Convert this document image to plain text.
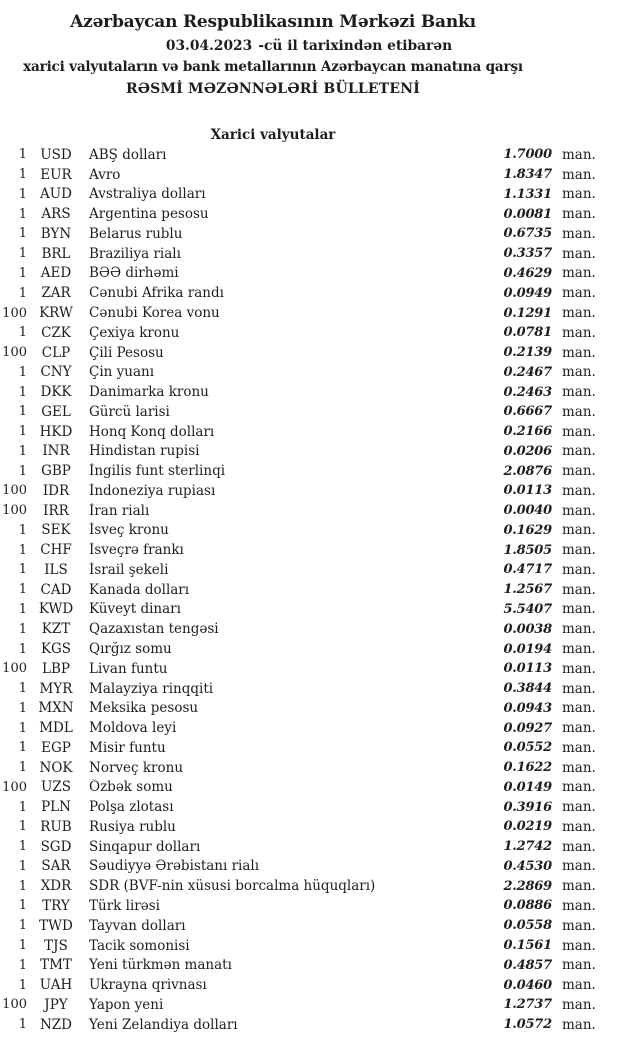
Azərbaycan Respublikasının Mərkəzi Bankı
03.04.2023 -cü il tarixindən etibarən
xarici valyutaların və bank metallarının Azərbaycan manatına qarşı
RƏSMİ MƏZƏNNƏLƏRİ BÜLLETENİ
Xarici valyutalar
1 USD	ABŞ dolları	1.7000 man.
1 EUR	Avro	1.8347 man.
1 AUD	Avstraliya dolları	1.1331 man.
1	ARS	Argentina pesosu	0.0081 man.
1	BYN	Belarus rublu	0.6735 man.
1	BRL	Braziliya rialı	0.3357 man.
1	AED	BƏƏ dirhəmi	0.4629 man.
1	ZAR	Cənubi Afrika randı	0.0949 man.
100 KRW	Cənubi Korea vonu	0.1291 man.
1	CZK	Çexiya kronu	0.0781 man.
100	CLP	Çili Pesosu	0.2139 man.
1 CNY	Çin yuanı	0.2467 man.
1	DKK	Danimarka kronu	0.2463 man.
1	GEL	Gürcü larisi	0.6667 man.
1 HKD	Honq Konq dolları	0.2166 man.
1	INR	Hindistan rupisi	0.0206 man.
1	GBP	İngilis funt sterlinqi	2.0876 man.
100	IDR	İndoneziya rupiası	0.0113 man.
100	IRR	İran rialı	0.0040 man.
1	SEK	İsveç kronu	0.1629 man.
1 CHF	İsveçrə frankı	1.8505 man.
1	ILS	İsrail şekeli	0.4717 man.
1	CAD	Kanada dolları	1.2567 man.
1 KWD	Küveyt dinarı	5.5407 man.
1	KZT	Qazaxıstan tengəsi	0.0038 man.
1	KGS	Qırğız somu	0.0194 man.
100	LBP	Livan funtu	0.0113 man.
1 MYR	Malayziya rinqqiti	0.3844 man.
1 MXN	Meksika pesosu	0.0943 man.
1 MDL	Moldova leyi	0.0927 man.
1	EGP	Misir funtu	0.0552 man.
1 NOK	Norveç kronu	0.1622 man.
100	UZS	Özbək somu	0.0149 man.
1	PLN	Polşa zlotası	0.3916 man.
1 RUB	Rusiya rublu	0.0219 man.
1	SGD	Sinqapur dolları	1.2742 man.
1	SAR	Səudiyyə Ərəbistanı rialı	0.4530 man.
1	XDR	SDR (BVF-nin xüsusi borcalma hüquqları)	2.2869 man.
1	TRY	Türk lirəsi	0.0886 man.
1 TWD	Tayvan dolları	0.0558 man.
1	TJS	Tacik somonisi	0.1561 man.
1 TMT	Yeni türkmən manatı	0.4857 man.
1 UAH	Ukrayna qrivnası	0.0460 man.
100	JPY	Yapon yeni	1.2737 man.
1 NZD	Yeni Zelandiya dolları	1.0572 man.
